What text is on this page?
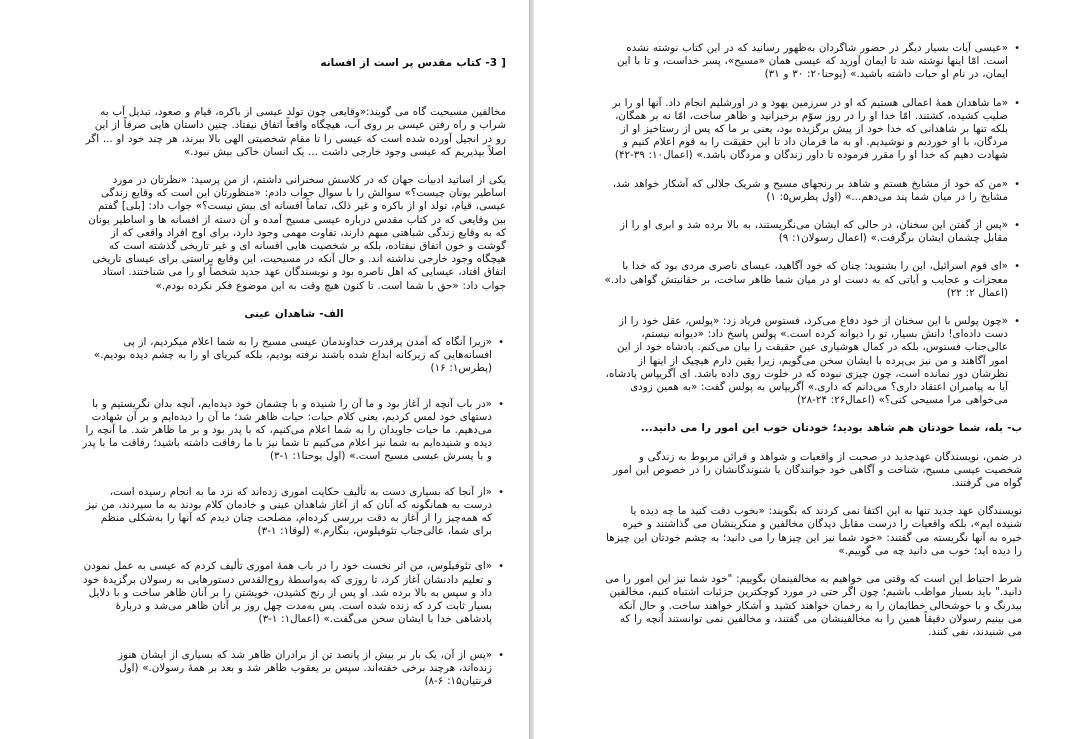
[ 3- کتاب مقدس پر است از افسانه

مخالفین مسیحیت گاه می گویند:«وقایعی چون تولد عیسی از باکره، قیام و صعود، تبدیل آب به شراب و راه رفتن عیسی بر روی آب، هیچگاه واقعاً اتفاق نیفتاد. چنین داستان هایی صرفاً از این رو در انجیل آورده شده است که عیسی را تا مقام شخصیتی الهی بالا ببرند، هر چند خود او ... اگر اصلاً بپذیریم که عیسی وجود خارجی داشت ... یک انسان خاکی بیش نبود.»

یکی از اساتید ادبیات جهان که در کلاسش سخنرانی داشتم، از من پرسید: «نظرتان در مورد اساطیر یونان چیست؟» سوالش را با سوال جواب دادم: «منظورتان این است که وقایع زندگی عیسی، قیام، تولد او از باکره و غیر ذلک، تماماً افسانه ای بیش نیست؟» جواب داد: [بلی] گفتم بین وقایعی که در کتاب مقدس درباره عیسی مسیح آمده و آن دسته از افسانه ها و اساطیر یونان که به وقایع زندگی شباهتی مبهم دارند، تفاوت مهمی وجود دارد، برای اوج افراد واقعی که از گوشت و خون اتفاق نیفتاده، بلکه بر شخصیت هایی افسانه ای و غیر تاریخی گذشته است که هیچگاه وجود خارجی نداشته اند. و حال آنکه در مسیحیت، این وقایع براستی برای عیسای تاریخی اتفاق افتاد، عیسایی که اهل ناصره بود و نویسندگان عهد جدید شخصاً او را می شناختند. استاد جواب داد: «حق با شما است. تا کنون هیچ وقت به این موضوع فکر نکرده بودم.»

الف- شاهدان عینی

• «زیرا آنگاه که آمدن پرقدرت خداوندمان عیسی مسیح را به شما اعلام میکردیم، از پی افسانه‌هایی که زیرکانه ابداع شده باشند نرفته بودیم، بلکه کبریای او را به چشم دیده بودیم.» (پطرس۱: ۱۶)

• «در باب آنچه از آغاز بود و ما آن را شنیده و با چشمان خود دیده‌ایم، آنچه بدان نگریستیم و با دستهای خود لمس کردیم، یعنی کلام حیات: حیات ظاهر شد؛ ما آن را دیده‌ایم و بر آن شهادت می‌دهیم. ما حیات جاویدان را به شما اعلام می‌کنیم، که با پدر بود و بر ما ظاهر شد. ما آنچه را دیده و شنیده‌ایم به شما نیز اعلام می‌کنیم تا شما نیز با ما رفاقت داشته باشید؛ رفاقت ما با پدر و با پسرش عیسی مسیح است.» (اول یوحنا۱: ۱-۳)

• «از آنجا که بسیاری دست به تألیف حکایت اموری زده‌اند که نزد ما به انجام رسیده است، درست به همانگونه که آنان که از آغاز شاهدان عینی و خادمان کلام بودند به ما سپردند، من نیز که همه‌چیز را از آغاز به دقت بررسی کرده‌ام، مصلحت چنان دیدم که آنها را به‌شکلی منظم برای شما، عالی‌جناب تئوفیلوس، بنگارم.» (لوقا۱: ۱-۳)

• «ای تئوفیلوس، من اثر نخست خود را در باب همهٔ اموری تألیف کردم که عیسی به عمل نمودن و تعلیم دادنشان آغاز کرد، تا روزی که به‌واسطهٔ روح‌القدس دستورهایی به رسولان برگزیدهٔ خود داد و سپس به بالا برده شد. او پس از رنج کشیدن، خویشتن را بر آنان ظاهر ساخت و با دلایل بسیار ثابت کرد که زنده شده است. پس به‌مدت چهل روز بر آنان ظاهر می‌شد و دربارهٔ پادشاهی خدا با ایشان سخن می‌گفت.» (اعمال۱: ۱-۳)

• «پس از آن، یک بار بر بیش از پانصد تن از برادران ظاهر شد که بسیاری از ایشان هنوز زنده‌اند، هرچند برخی خفته‌اند. سپس بر یعقوب ظاهر شد و بعد بر همهٔ رسولان.» (اول قرنتیان۱۵: ۶-۸)

• «عیسی آیات بسیار دیگر در حضور شاگردان به‌ظهور رسانید که در این کتاب نوشته نشده است. امّا اینها نوشته شد تا ایمان آورید که عیسی همان «مسیح»، پسر خداست، و تا با این ایمان، در نام او حیات داشته باشید.» (یوحنا۲۰: ۳۰ و ۳۱)

• «ما شاهدان همهٔ اعمالی هستیم که او در سرزمین یهود و در اورشلیم انجام داد. آنها او را بر صلیب کشیده، کشتند. امّا خدا او را در روز سوّم برخیزانید و ظاهر ساخت، امّا نه بر همگان، بلکه تنها بر شاهدانی که خدا خود از پیش برگزیده بود، یعنی بر ما که پس از رستاخیز او از مردگان، با او خوردیم و نوشیدیم. او به ما فرمان داد تا این حقیقت را به قوم اعلام کنیم و شهادت دهیم که خدا او را مقرر فرموده تا داور زندگان و مردگان باشد.» (اعمال۱۰: ۳۹-۴۲)

• «من که خود از مشایخ هستم و شاهد بر رنجهای مسیح و شریک جلالی که آشکار خواهد شد، مشایخ را در میان شما پند می‌دهم...» (اول پطرس۵: ۱)

• «پس از گفتن این سخنان، در حالی که ایشان می‌نگریستند، به بالا برده شد و ابری او را از مقابل چشمان ایشان برگرفت.» (اعمال رسولان۱: ۹)

• «ای قوم اسرائیل، این را بشنوید: چنان که خود آگاهید، عیسای ناصری مردی بود که خدا با معجزات و عجایب و آیاتی که به دست او در میان شما ظاهر ساخت، بر حقانیتش گواهی داد.» (اعمال ۲: ۲۲)

• «چون پولس با این سخنان از خود دفاع می‌کرد، فستوس فریاد زد: «پولس، عقل خود را از دست داده‌ای! دانش بسیار، تو را دیوانه کرده است.» پولس پاسخ داد: «دیوانه نیستم، عالی‌جناب فستوس، بلکه در کمال هوشیاری عین حقیقت را بیان می‌کنم. پادشاه خود از این امور آگاهند و من نیز بی‌پرده با ایشان سخن می‌گویم، زیرا یقین دارم هیچیک از اینها از نظرشان دور نمانده است، چون چیزی نبوده که در خلوت روی داده باشد. ای آگریپاس پادشاه، آیا به پیامبران اعتقاد داری؟ می‌دانم که داری.» آگریپاس به پولس گفت: «به همین زودی می‌خواهی مرا مسیحی کنی؟» (اعمال۲۶: ۲۴-۲۸)

ب- بله، شما خودتان هم شاهد بودید؛ خودتان خوب این امور را می دانید...

در ضمن، نویسندگان عهدجدید در صحبت از واقعیات و شواهد و قرائن مربوط به زندگی و شخصیت عیسی مسیح، شناخت و آگاهی خود خوانندگان یا شنوندگانشان را در خصوص این امور گواه می گرفتند.

نویسندگان عهد جدید تنها به این اکتفا نمی کردند که بگویند: «بخوب دقت کنید ما چه دیده یا شنیده ایم»، بلکه واقعیات را درست مقابل دیدگان مخالفین و منکرینشان می گذاشتند و خیره خیره به آنها نگریسته می گفتند: «خود شما نیز این چیزها را می دانید؛ به چشم خودتان این چیزها را دیده اید؛ خوب می دانید چه می گوییم.»

شرط احتیاط این است که وقتی می خواهیم به مخالفینمان بگوییم: "خود شما نیز این امور را می دانید." باید بسیار مواظب باشیم؛ چون اگر حتی در مورد کوچکترین جزئیات اشتباه کنیم، مخالفین بیدرنگ و با خوشحالی خطایمان را به رخمان خواهند کشید و آشکار خواهند ساخت. و حال آنکه می بینیم رسولان دقیقاً همین را به مخالفینشان می گفتند، و مخالفین نمی توانستند آنچه را که می شنیدند، نفی کنند.
